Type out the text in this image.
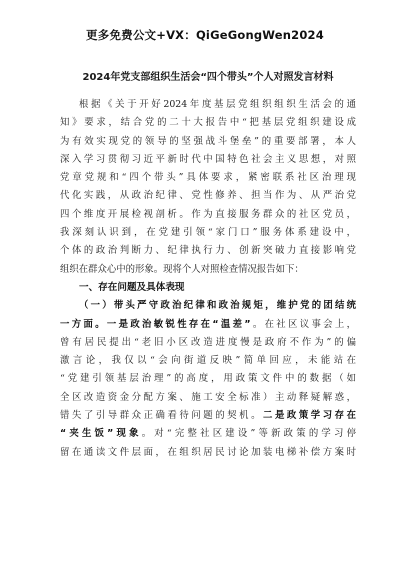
更多免费公文+VX：QiGeGongWen2024
2024年党支部组织生活会“四个带头”个人对照发言材料
根据《关于开好2024年度基层党组织组织生活会的通
知》要求，结合党的二十大报告中“把基层党组织建设成
为有效实现党的领导的坚强战斗堡垒”的重要部署，本人
深入学习贯彻习近平新时代中国特色社会主义思想，对照
党章党规和“四个带头”具体要求，紧密联系社区治理现
代化实践，从政治纪律、党性修养、担当作为、从严治党
四个维度开展检视剖析。作为直接服务群众的社区党员，
我深刻认识到，在党建引领“家门口”服务体系建设中，
个体的政治判断力、纪律执行力、创新突破力直接影响党
组织在群众心中的形象。现将个人对照检查情况报告如下：
一、存在问题及具体表现
（一）带头严守政治纪律和政治规矩，维护党的团结统
一方面。一是政治敏锐性存在“温差”。在社区议事会上，
曾有居民提出“老旧小区改造进度慢是政府不作为”的偏
激言论，我仅以“会向街道反映”简单回应，未能站在
“党建引领基层治理”的高度，用政策文件中的数据（如
全区改造资金分配方案、施工安全标准）主动释疑解惑，
错失了引导群众正确看待问题的契机。二是政策学习存在
“夹生饭”现象。对“完整社区建设”等新政策的学习停
留在通读文件层面，在组织居民讨论加装电梯补偿方案时
